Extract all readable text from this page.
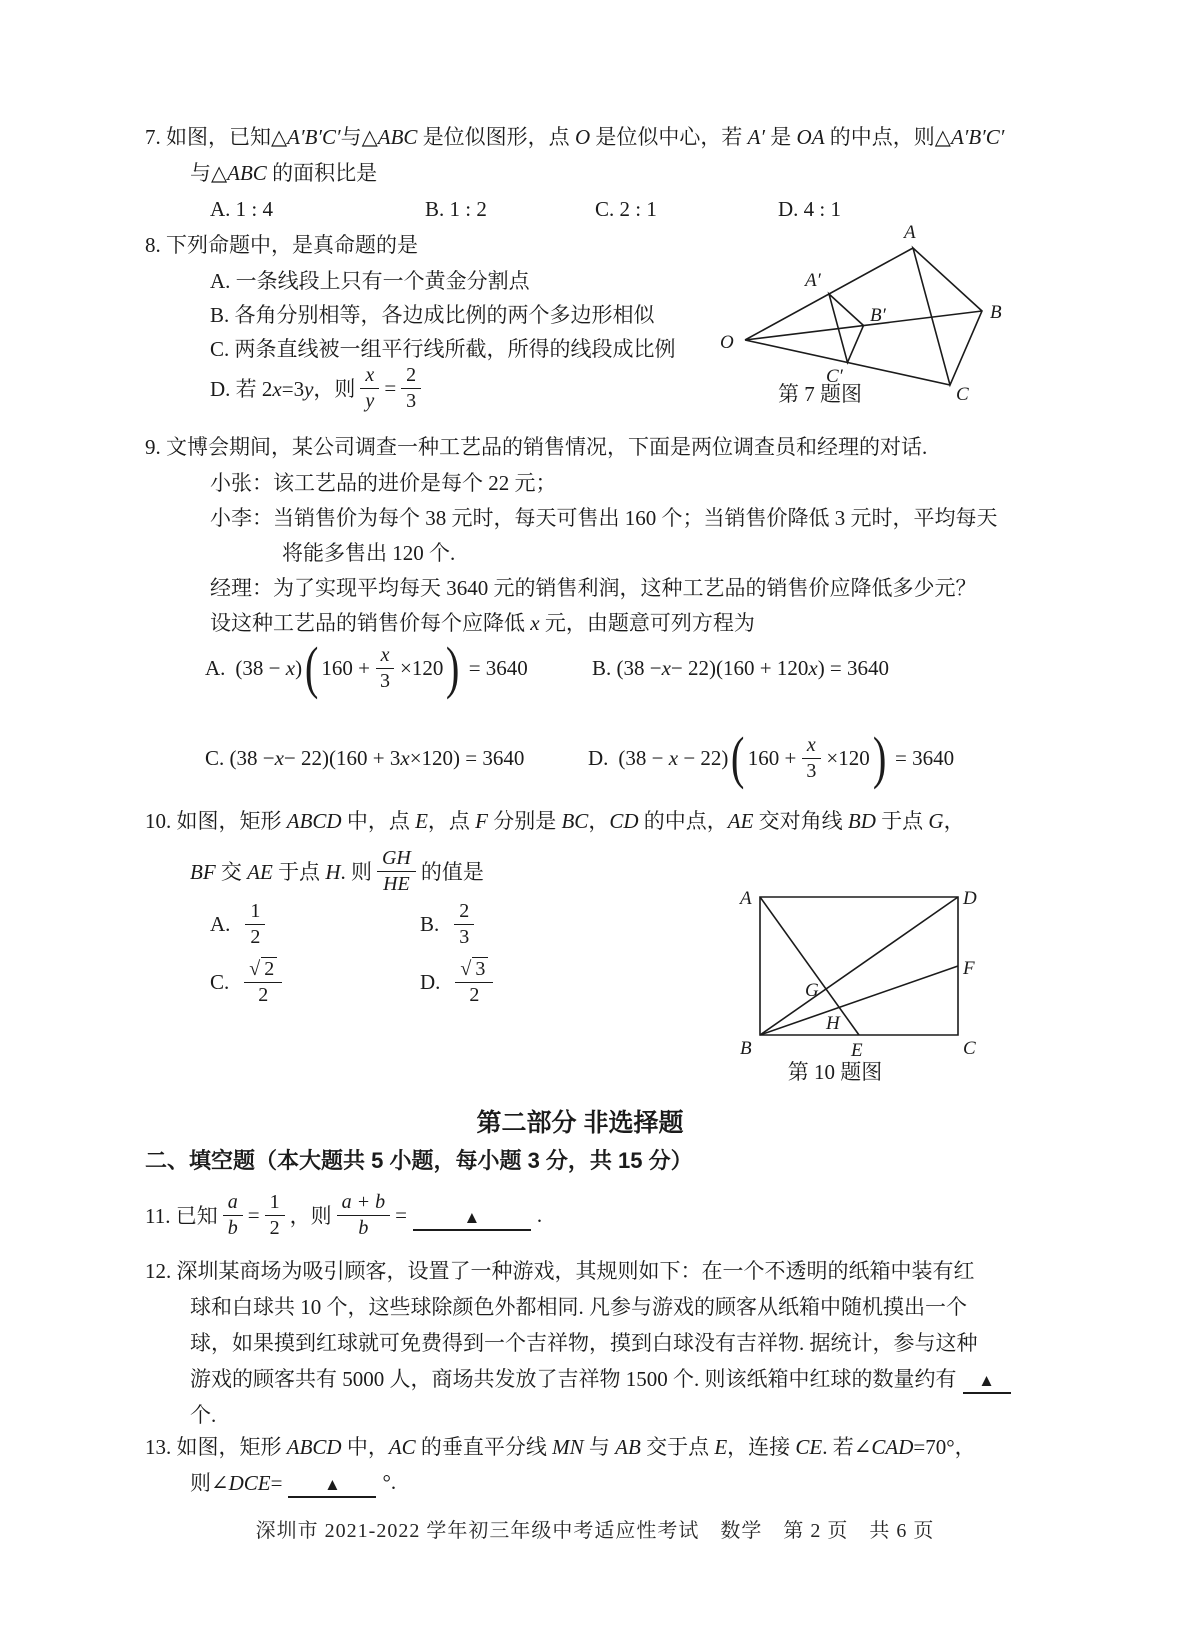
7. 如图，已知△A′B′C′与△ABC 是位似图形，点 O 是位似中心，若 A′ 是 OA 的中点，则△A′B′C′
与△ABC 的面积比是
A. 1 : 4	B. 1 : 2	C. 2 : 1	D. 4 : 1
O
A
B
C
A′
B′
C′
第 7 题图
8. 下列命题中，是真命题的是
A. 一条线段上只有一个黄金分割点
B. 各角分别相等，各边成比例的两个多边形相似
C. 两条直线被一组平行线所截，所得的线段成比例
D. 若 2x=3y，则 $\frac{x}{y} = \frac{2}{3}$
9. 文博会期间，某公司调查一种工艺品的销售情况，下面是两位调查员和经理的对话.
小张：该工艺品的进价是每个 22 元；
小李：当销售价为每个 38 元时，每天可售出 160 个；当销售价降低 3 元时，平均每天
将能多售出 120 个.
经理：为了实现平均每天 3640 元的销售利润，这种工艺品的销售价应降低多少元？
设这种工艺品的销售价每个应降低 x 元，由题意可列方程为
A. (38 − x) ( $160 + \frac{x}{3} \times 120$ ) = 3640	B. (38 − x − 22)(160 + 120 x ) = 3640
C. (38 − x − 22)(160 + 3 x ×120) = 3640	D. (38 − x − 22) ( $160 + \frac{x}{3} \times 120$ ) = 3640
10. 如图，矩形 ABCD 中，点 E，点 F 分别是 BC，CD 的中点，AE 交对角线 BD 于点 G，
BF 交 AE 于点 H. 则 $\frac{GH}{HE}$ 的值是
A. $\frac{1}{2}$	B. $\frac{2}{3}$
C. $\frac{√ 2}{2}$	D. $\frac{√ 3}{2}$
A	D
B	C
E
F
G
H
第 10 题图
第二部分 非选择题
二、填空题（本大题共 5 小题，每小题 3 分，共 15 分）
11. 已知 $\frac{a}{b} = \frac{1}{2}$ ，则 $\frac{a + b}{b}$ =	▲	.
12. 深圳某商场为吸引顾客，设置了一种游戏，其规则如下：在一个不透明的纸箱中装有红
球和白球共 10 个，这些球除颜色外都相同. 凡参与游戏的顾客从纸箱中随机摸出一个
球，如果摸到红球就可免费得到一个吉祥物，摸到白球没有吉祥物. 据统计，参与这种
游戏的顾客共有 5000 人，商场共发放了吉祥物 1500 个. 则该纸箱中红球的数量约有	▲
个.
13. 如图，矩形 ABCD 中，AC 的垂直平分线 MN 与 AB 交于点 E，连接 CE. 若∠CAD=70°，
则∠DCE=	▲	°.
深圳市 2021-2022 学年初三年级中考适应性考试　数学　第 2 页　共 6 页
